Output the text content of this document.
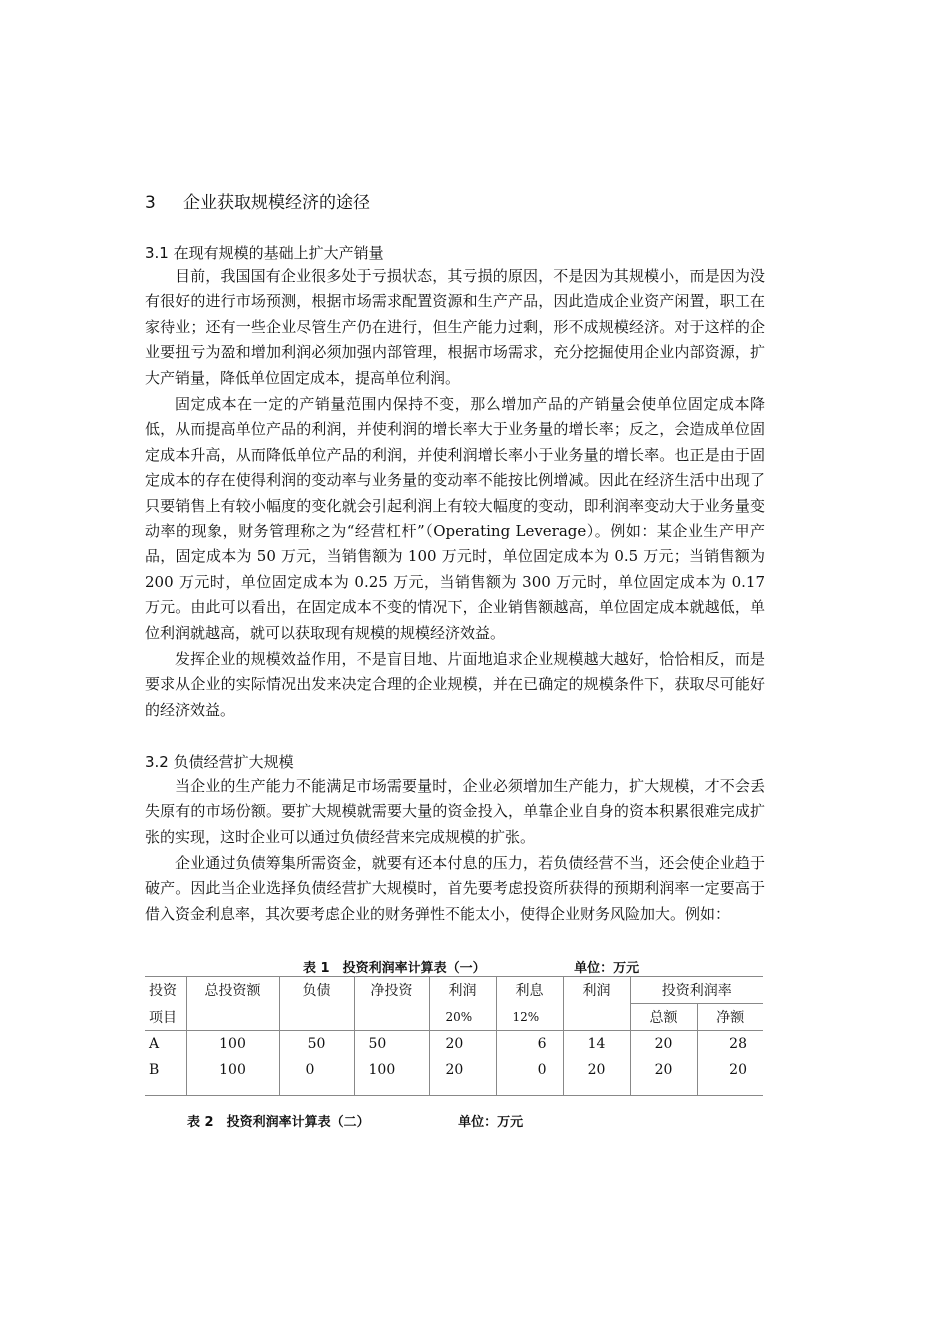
3 企业获取规模经济的途径
3.1 在现有规模的基础上扩大产销量

目前，我国国有企业很多处于亏损状态，其亏损的原因，不是因为其规模小，而是因为没有很好的进行市场预测，根据市场需求配置资源和生产产品，因此造成企业资产闲置，职工在家待业；还有一些企业尽管生产仍在进行，但生产能力过剩，形不成规模经济。对于这样的企业要扭亏为盈和增加利润必须加强内部管理，根据市场需求，充分挖掘使用企业内部资源，扩大产销量，降低单位固定成本，提高单位利润。

固定成本在一定的产销量范围内保持不变，那么增加产品的产销量会使单位固定成本降低，从而提高单位产品的利润，并使利润的增长率大于业务量的增长率；反之，会造成单位固定成本升高，从而降低单位产品的利润，并使利润增长率小于业务量的增长率。也正是由于固定成本的存在使得利润的变动率与业务量的变动率不能按比例增减。因此在经济生活中出现了只要销售上有较小幅度的变化就会引起利润上有较大幅度的变动，即利润率变动大于业务量变动率的现象，财务管理称之为“经营杠杆”（Operating Leverage）。例如：某企业生产甲产品，固定成本为 50 万元，当销售额为 100 万元时，单位固定成本为 0.5 万元；当销售额为 200 万元时，单位固定成本为 0.25 万元，当销售额为 300 万元时，单位固定成本为 0.17 万元。由此可以看出，在固定成本不变的情况下，企业销售额越高，单位固定成本就越低，单位利润就越高，就可以获取现有规模的规模经济效益。

发挥企业的规模效益作用，不是盲目地、片面地追求企业规模越大越好，恰恰相反，而是要求从企业的实际情况出发来决定合理的企业规模，并在已确定的规模条件下，获取尽可能好的经济效益。

3.2 负债经营扩大规模

当企业的生产能力不能满足市场需要量时，企业必须增加生产能力，扩大规模，才不会丢失原有的市场份额。要扩大规模就需要大量的资金投入，单靠企业自身的资本积累很难完成扩张的实现，这时企业可以通过负债经营来完成规模的扩张。

企业通过负债筹集所需资金，就要有还本付息的压力，若负债经营不当，还会使企业趋于破产。因此当企业选择负债经营扩大规模时，首先要考虑投资所获得的预期利润率一定要高于借入资金利息率，其次要考虑企业的财务弹性不能太小，使得企业财务风险加大。例如：

表 1　投资利润率计算表（一）	单位：万元
投资	总投资额	负债	净投资	利润	利息	利润	投资利润率	
项目				20%	12%		总额	净额
A	100	50	50	20	6	14	20	28
B	100	0	100	20	0	20	20	20

表 2　投资利润率计算表（二）	单位：万元
